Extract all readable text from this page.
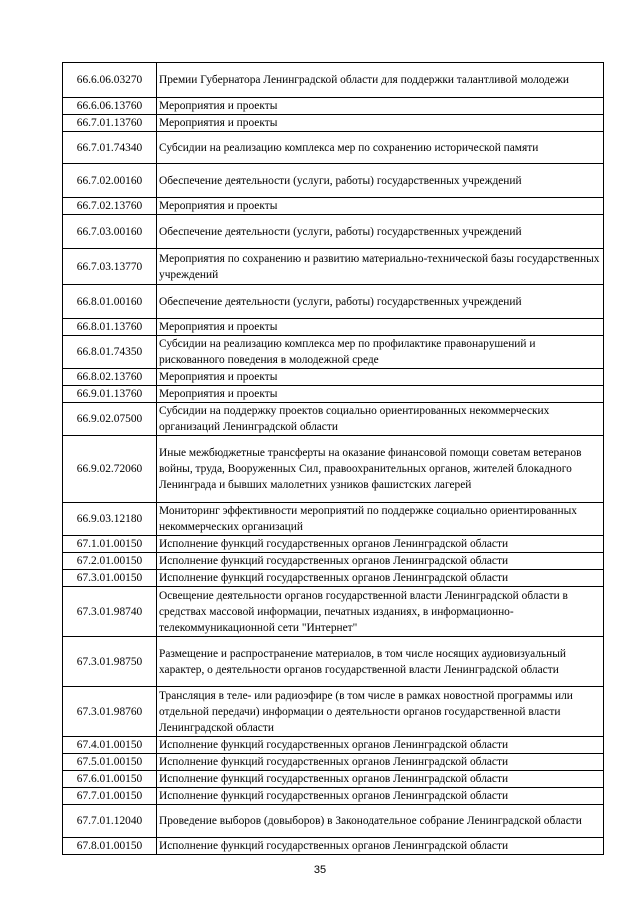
66.6.06.03270	Премии Губернатора Ленинградской области для поддержки талантливой молодежи
66.6.06.13760	Мероприятия и проекты
66.7.01.13760	Мероприятия и проекты
66.7.01.74340	Субсидии на реализацию комплекса мер по сохранению исторической памяти
66.7.02.00160	Обеспечение деятельности (услуги, работы) государственных учреждений
66.7.02.13760	Мероприятия и проекты
66.7.03.00160	Обеспечение деятельности (услуги, работы) государственных учреждений
66.7.03.13770	Мероприятия по сохранению и развитию материально-технической базы государственных учреждений
66.8.01.00160	Обеспечение деятельности (услуги, работы) государственных учреждений
66.8.01.13760	Мероприятия и проекты
66.8.01.74350	Субсидии на реализацию комплекса мер по профилактике правонарушений и рискованного поведения в молодежной среде
66.8.02.13760	Мероприятия и проекты
66.9.01.13760	Мероприятия и проекты
66.9.02.07500	Субсидии на поддержку проектов социально ориентированных некоммерческих организаций Ленинградской области
66.9.02.72060	Иные межбюджетные трансферты на оказание финансовой помощи советам ветеранов войны, труда, Вооруженных Сил, правоохранительных органов, жителей блокадного Ленинграда и бывших малолетних узников фашистских лагерей
66.9.03.12180	Мониторинг эффективности мероприятий по поддержке социально ориентированных некоммерческих организаций
67.1.01.00150	Исполнение функций государственных органов Ленинградской области
67.2.01.00150	Исполнение функций государственных органов Ленинградской области
67.3.01.00150	Исполнение функций государственных органов Ленинградской области
67.3.01.98740	Освещение деятельности органов государственной власти Ленинградской области в средствах массовой информации, печатных изданиях, в информационно-телекоммуникационной сети "Интернет"
67.3.01.98750	Размещение и распространение материалов, в том числе носящих аудиовизуальный характер, о деятельности органов государственной власти Ленинградской области
67.3.01.98760	Трансляция в теле- или радиоэфире (в том числе в рамках новостной программы или отдельной передачи) информации о деятельности органов государственной власти Ленинградской области
67.4.01.00150	Исполнение функций государственных органов Ленинградской области
67.5.01.00150	Исполнение функций государственных органов Ленинградской области
67.6.01.00150	Исполнение функций государственных органов Ленинградской области
67.7.01.00150	Исполнение функций государственных органов Ленинградской области
67.7.01.12040	Проведение выборов (довыборов) в Законодательное собрание Ленинградской области
67.8.01.00150	Исполнение функций государственных органов Ленинградской области
35
